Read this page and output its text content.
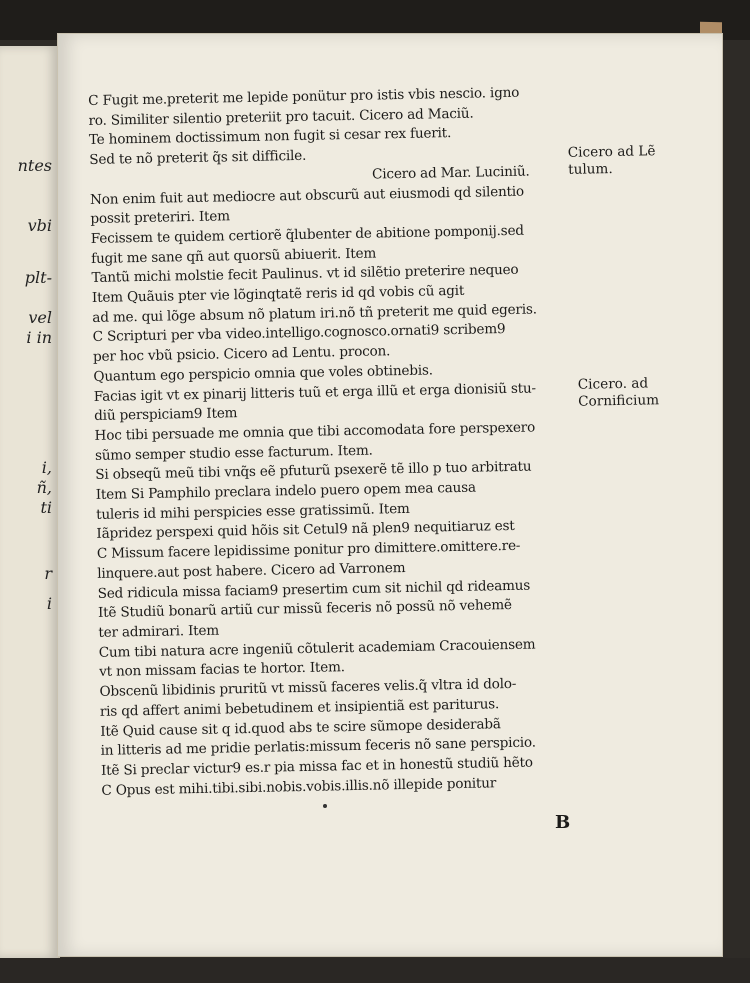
ntes
vbi
plt-
vel
i in
i,
ñ,
ti
r
i
C Fugit me.preterit me lepide ponütur pro istis vbis nescio. igno
ro. Similiter silentio preteriit pro tacuit. Cicero ad Maciũ.
Te hominem doctissimum non fugit si cesar rex fuerit.
Sed te nõ preterit q̃s sit difficile.
Cicero ad Mar. Luciniũ.
Non enim fuit aut mediocre aut obscurũ aut eiusmodi qd silentio
possit preteriri. Item
Fecissem te quidem certiorẽ q̃lubenter de abitione pomponij.sed
fugit me sane qñ aut quorsũ abiuerit. Item
Tantũ michi molstie fecit Paulinus. vt id silẽtio preterire nequeo
Item Quãuis pter vie lõginqtatẽ reris id qd vobis cũ agit
ad me. qui lõge absum nõ platum iri.nõ tñ preterit me quid egeris.
C Scripturi per vba video.intelligo.cognosco.ornati9 scribem9
per hoc vbũ psicio. Cicero ad Lentu. procon.
Quantum ego perspicio omnia que voles obtinebis.
Facias igit vt ex pinarij litteris tuũ et erga illũ et erga dionisiũ stu-
diũ perspiciam9 Item
Hoc tibi persuade me omnia que tibi accomodata fore perspexero
sũmo semper studio esse facturum. Item.
Si obseqũ meũ tibi vnq̃s eẽ pfuturũ psexerẽ tẽ illo p tuo arbitratu
Item Si Pamphilo preclara indelo puero opem mea causa
tuleris id mihi perspicies esse gratissimũ. Item
Iãpridez perspexi quid hõis sit Cetul9 nã plen9 nequitiaruz est
C Missum facere lepidissime ponitur pro dimittere.omittere.re-
linquere.aut post habere. Cicero ad Varronem
Sed ridicula missa faciam9 presertim cum sit nichil qd rideamus
Itẽ Studiũ bonarũ artiũ cur missũ feceris nõ possũ nõ vehemẽ
ter admirari. Item
Cum tibi natura acre ingeniũ cõtulerit academiam Cracouiensem
vt non missam facias te hortor. Item.
Obscenũ libidinis pruritũ vt missũ faceres velis.q̃ vltra id dolo-
ris qd affert animi bebetudinem et insipientiã est pariturus.
Itẽ Quid cause sit q id.quod abs te scire sũmope desiderabã
in litteris ad me pridie perlatis:missum feceris nõ sane perspicio.
Itẽ Si preclar victur9 es.r pia missa fac et in honestũ studiũ hẽto
C Opus est mihi.tibi.sibi.nobis.vobis.illis.nõ illepide ponitur
Cicero ad Lẽ
tulum.
Cicero. ad
Cornificium
B
